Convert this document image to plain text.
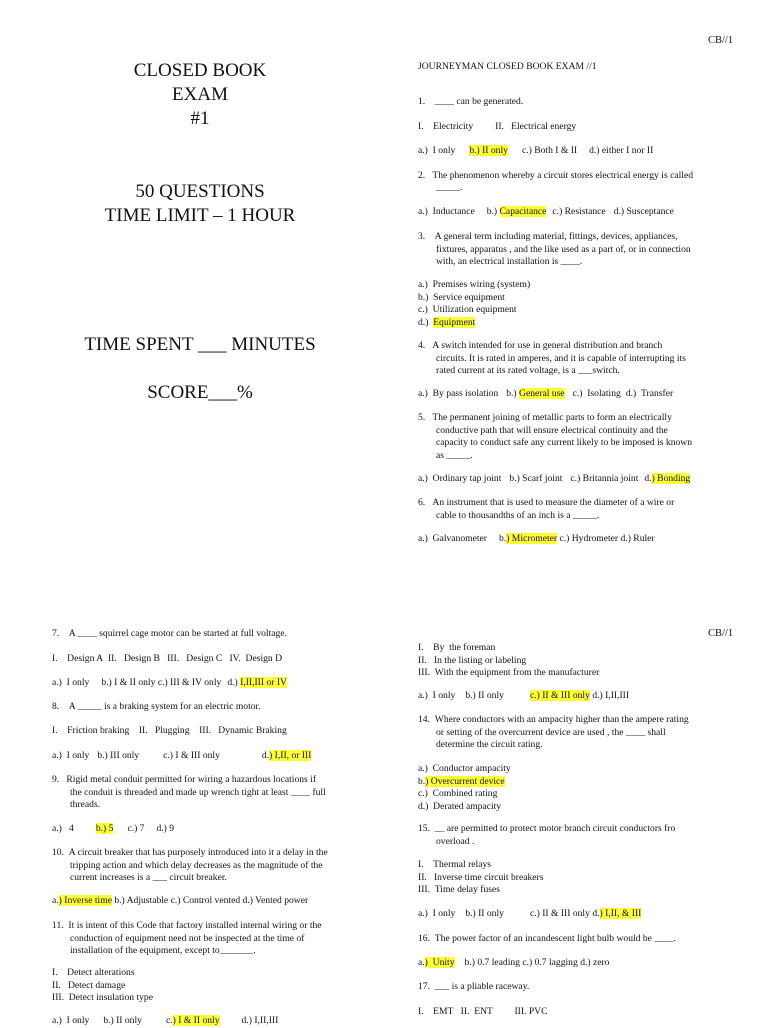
CB//1
CB//1
CLOSED BOOK
EXAM
#1
50 QUESTIONS
TIME LIMIT – 1 HOUR
TIME SPENT ___ MINUTES
SCORE___%
JOURNEYMAN CLOSED BOOK EXAM //1
1.    ____ can be generated.
I.    Electricity II.   Electrical energy
a.)  I only b.) II only c.) Both I & II d.) either I nor II
2.   The phenomenon whereby a circuit stores electrical energy is called
_____.
a.)  Inductance b.) Capacitance c.) Resistance d.) Susceptance
3.    A general term including material, fittings, devices, appliances,
fixtures, apparatus , and the like used as a part of, or in connection
with, an electrical installation is ____.
a.)  Premises wiring (system)
b.)  Service equipment
c.)  Utilization equipment
d.) Equipment
4.   A switch intended for use in general distribution and branch
circuits. It is rated in amperes, and it is capable of interrupting its
rated current at its rated voltage, is a ___switch.
a.)  By pass isolation b.) General use c.)  Isolating d.)  Transfer
5.   The permanent joining of metallic parts to form an electrically
conductive path that will ensure electrical continuity and the
capacity to conduct safe any current likely to be imposed is known
as _____.
a.)  Ordinary tap joint b.) Scarf joint c.) Britannia joint d.) Bonding
6.   An instrument that is used to measure the diameter of a wire or
cable to thousandths of an inch is a _____.
a.)  Galvanometer b.) Micrometer c.) Hydrometer d.) Ruler
7.    A ____ squirrel cage motor can be started at full voltage.
I.    Design A  II.   Design B   III.   Design C   IV.  Design D
a.)  I only b.) I & II only c.) III & IV only d.) I,II,III or IV
8.    A _____ is a braking system for an electric motor.
I.    Friction braking    II.   Plugging    III.   Dynamic Braking
a.)  I only b.) III only	c.) I & III only	d.) I,II, or III
9.   Rigid metal conduit permitted for wiring a hazardous locations if
the conduit is threaded and made up wrench tight at least ____ full
threads.
a.)   4 b.) 5 c.) 7 d.) 9
10.  A circuit breaker that has purposely introduced into it a delay in the
tripping action and which delay decreases as the magnitude of the
current increases is a ___ circuit breaker.
a.) Inverse time b.) Adjustable c.) Control vented d.) Vented power
11.  It is intent of this Code that factory installed internal wiring or the
conduction of equipment need not be inspected at the time of
installation of the equipment, except to_______.
I.    Detect alterations
II.   Detect damage
III.  Detect insulation type
a.)  I only b.) II only	c.) I & II only d.) I,II,III
I.    By  the foreman
II.   In the listing or labeling
III.  With the equipment from the manufacturer
a.)  I only b.) II only	c.) II & III only d.) I,II,III
14.  Where conductors with an ampacity higher than the ampere rating
or setting of the overcurrent device are used , the ____ shall
determine the circuit rating.
a.)  Conductor ampacity
b.) Overcurrent device
c.)  Combined rating
d.)  Derated ampacity
15.  __ are permitted to protect motor branch circuit conductors fro
overload .
I.    Thermal relays
II.   Inverse time circuit breakers
III.  Time delay fuses
a.)  I only b.) II only	c.) II & III only d.) I,II, & III
16.  The power factor of an incandescent light bulb would be ____.
a.)  Unity b.) 0.7 leading c.) 0.7 lagging d.) zero
17.  ___ is a pliable raceway.
I.    EMT   II.  ENT         III. PVC
